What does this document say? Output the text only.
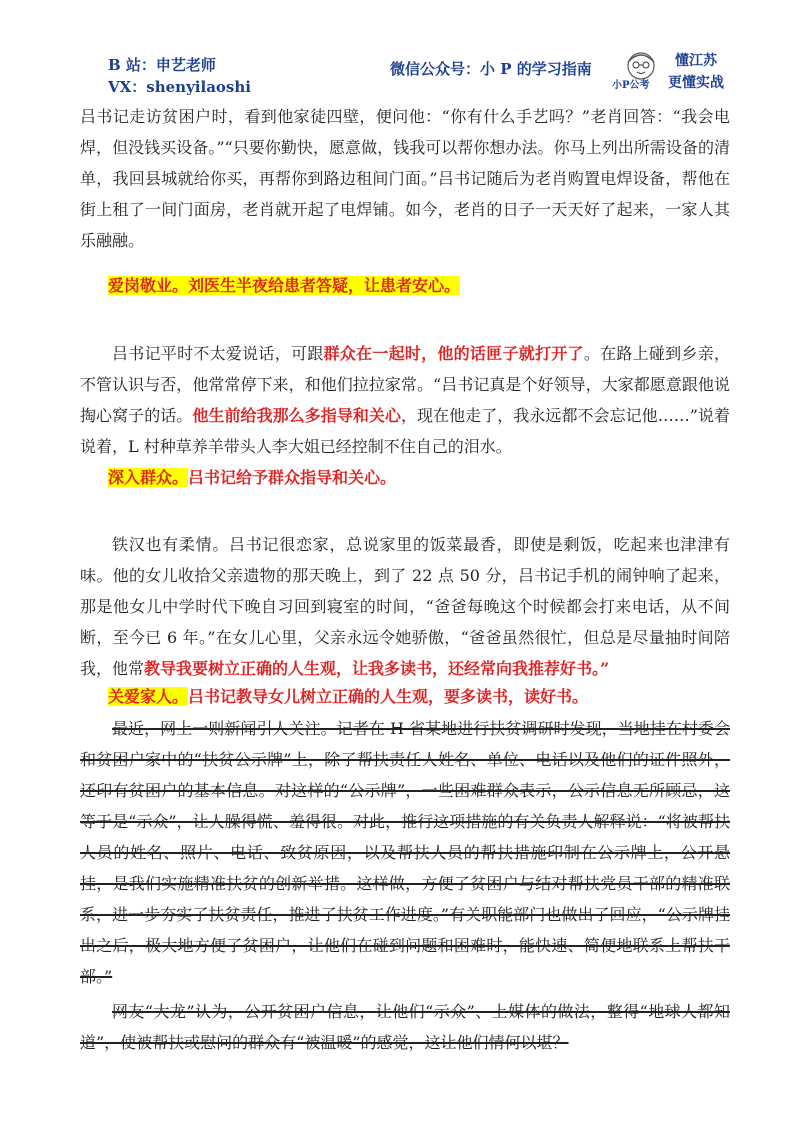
B 站：申艺老师
VX：shenyilaoshi
微信公众号：小 P 的学习指南
小P公考
懂江苏
更懂实战
吕书记走访贫困户时，看到他家徒四壁，便问他：“你有什么手艺吗？”老肖回答：“我会电焊，但没钱买设备。”“只要你勤快，愿意做，钱我可以帮你想办法。你马上列出所需设备的清单，我回县城就给你买，再帮你到路边租间门面。”吕书记随后为老肖购置电焊设备，帮他在街上租了一间门面房，老肖就开起了电焊铺。如今，老肖的日子一天天好了起来，一家人其乐融融。
爱岗敬业。刘医生半夜给患者答疑，让患者安心。
吕书记平时不太爱说话，可跟群众在一起时，他的话匣子就打开了。在路上碰到乡亲，不管认识与否，他常常停下来，和他们拉拉家常。“吕书记真是个好领导，大家都愿意跟他说掏心窝子的话。他生前给我那么多指导和关心，现在他走了，我永远都不会忘记他……”说着说着，L 村种草养羊带头人李大姐已经控制不住自己的泪水。
深入群众。吕书记给予群众指导和关心。
铁汉也有柔情。吕书记很恋家，总说家里的饭菜最香，即使是剩饭，吃起来也津津有味。他的女儿收拾父亲遗物的那天晚上，到了 22 点 50 分，吕书记手机的闹钟响了起来，那是他女儿中学时代下晚自习回到寝室的时间，“爸爸每晚这个时候都会打来电话，从不间断，至今已 6 年。”在女儿心里，父亲永远令她骄傲，“爸爸虽然很忙，但总是尽量抽时间陪我，他常教导我要树立正确的人生观，让我多读书，还经常向我推荐好书。”
关爱家人。吕书记教导女儿树立正确的人生观，要多读书，读好书。
最近，网上一则新闻引人关注。记者在 H 省某地进行扶贫调研时发现，当地挂在村委会和贫困户家中的“扶贫公示牌”上，除了帮扶责任人姓名、单位、电话以及他们的证件照外，还印有贫困户的基本信息。对这样的“公示牌”，一些困难群众表示，公示信息无所顾忌，这等于是“示众”，让人臊得慌、羞得很。对此，推行这项措施的有关负责人解释说：“将被帮扶人员的姓名、照片、电话、致贫原因，以及帮扶人员的帮扶措施印制在公示牌上，公开悬挂，是我们实施精准扶贫的创新举措。这样做，方便了贫困户与结对帮扶党员干部的精准联系，进一步夯实了扶贫责任，推进了扶贫工作进度。”有关职能部门也做出了回应，“公示牌挂出之后，极大地方便了贫困户，让他们在碰到问题和困难时，能快速、简便地联系上帮扶干部。”
网友“大龙”认为，公开贫困户信息，让他们“示众”、上媒体的做法，整得“地球人都知道”，使被帮扶或慰问的群众有“被温暖”的感觉，这让他们情何以堪？
